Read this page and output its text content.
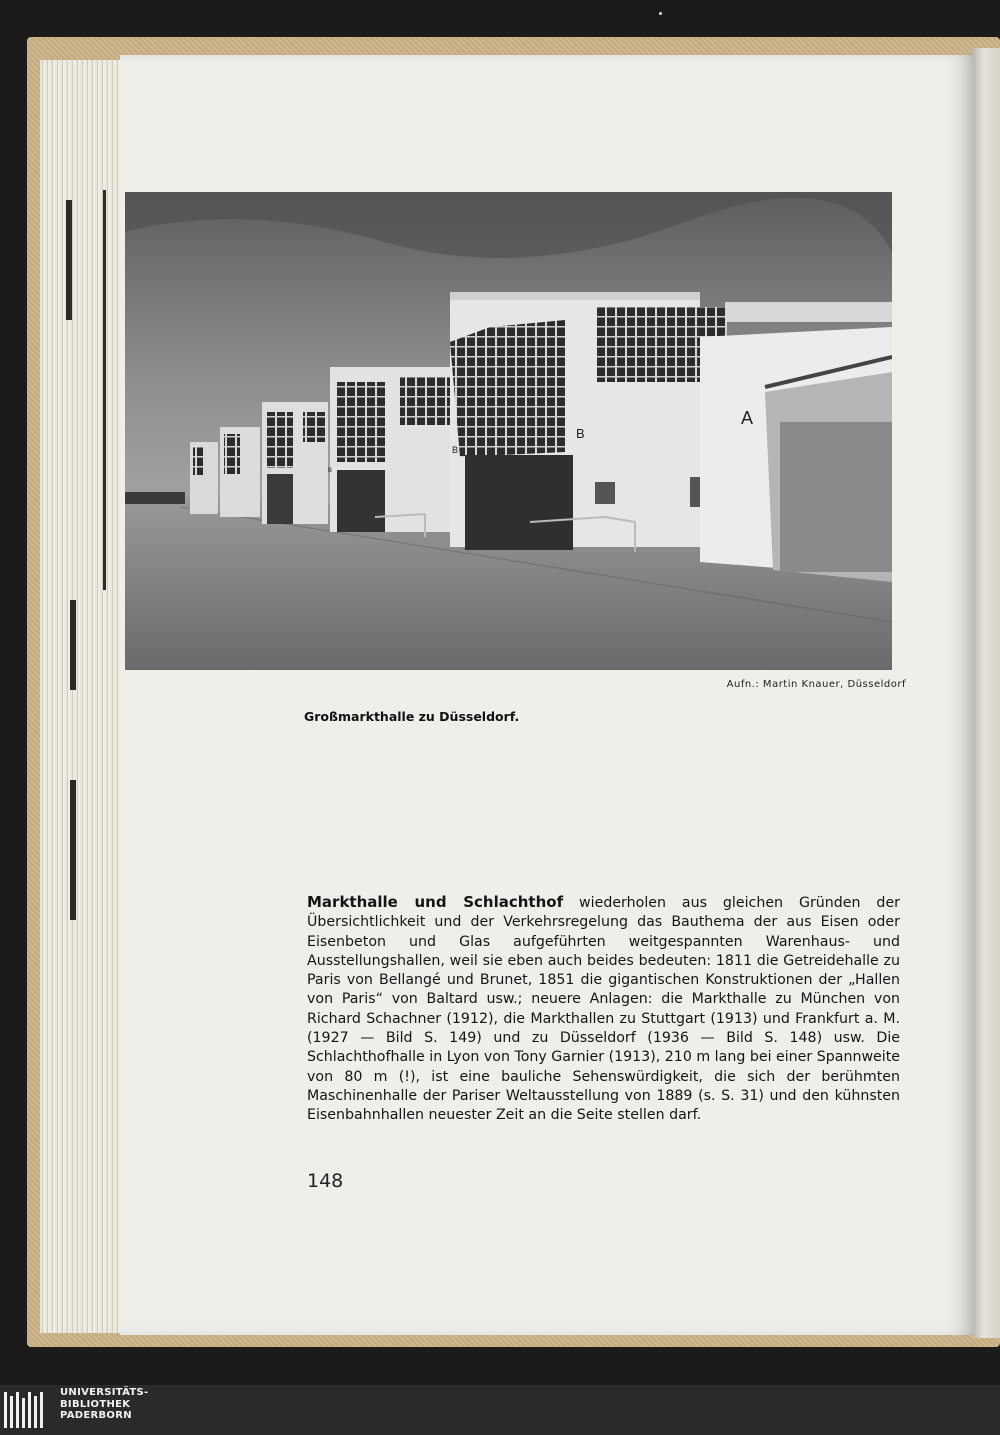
A
B
B
B
Aufn.: Martin Knauer, Düsseldorf
Großmarkthalle zu Düsseldorf.
Markthalle und Schlachthof wiederholen aus gleichen Gründen der Übersichtlichkeit und der Verkehrsregelung das Bauthema der aus Eisen oder Eisenbeton und Glas aufgeführten weitgespannten Warenhaus- und Ausstellungshallen, weil sie eben auch beides bedeuten: 1811 die Getreidehalle zu Paris von Bellangé und Brunet, 1851 die gigantischen Konstruktionen der „Hallen von Paris“ von Baltard usw.; neuere Anlagen: die Markthalle zu München von Richard Schachner (1912), die Markthallen zu Stuttgart (1913) und Frankfurt a. M. (1927 — Bild S. 149) und zu Düsseldorf (1936 — Bild S. 148) usw. Die Schlachthofhalle in Lyon von Tony Garnier (1913), 210 m lang bei einer Spannweite von 80 m (!), ist eine bauliche Sehenswürdigkeit, die sich der berühmten Maschinenhalle der Pariser Weltausstellung von 1889 (s. S. 31) und den kühnsten Eisenbahnhallen neuester Zeit an die Seite stellen darf.
148
UNIVERSITÄTS-
BIBLIOTHEK
PADERBORN
